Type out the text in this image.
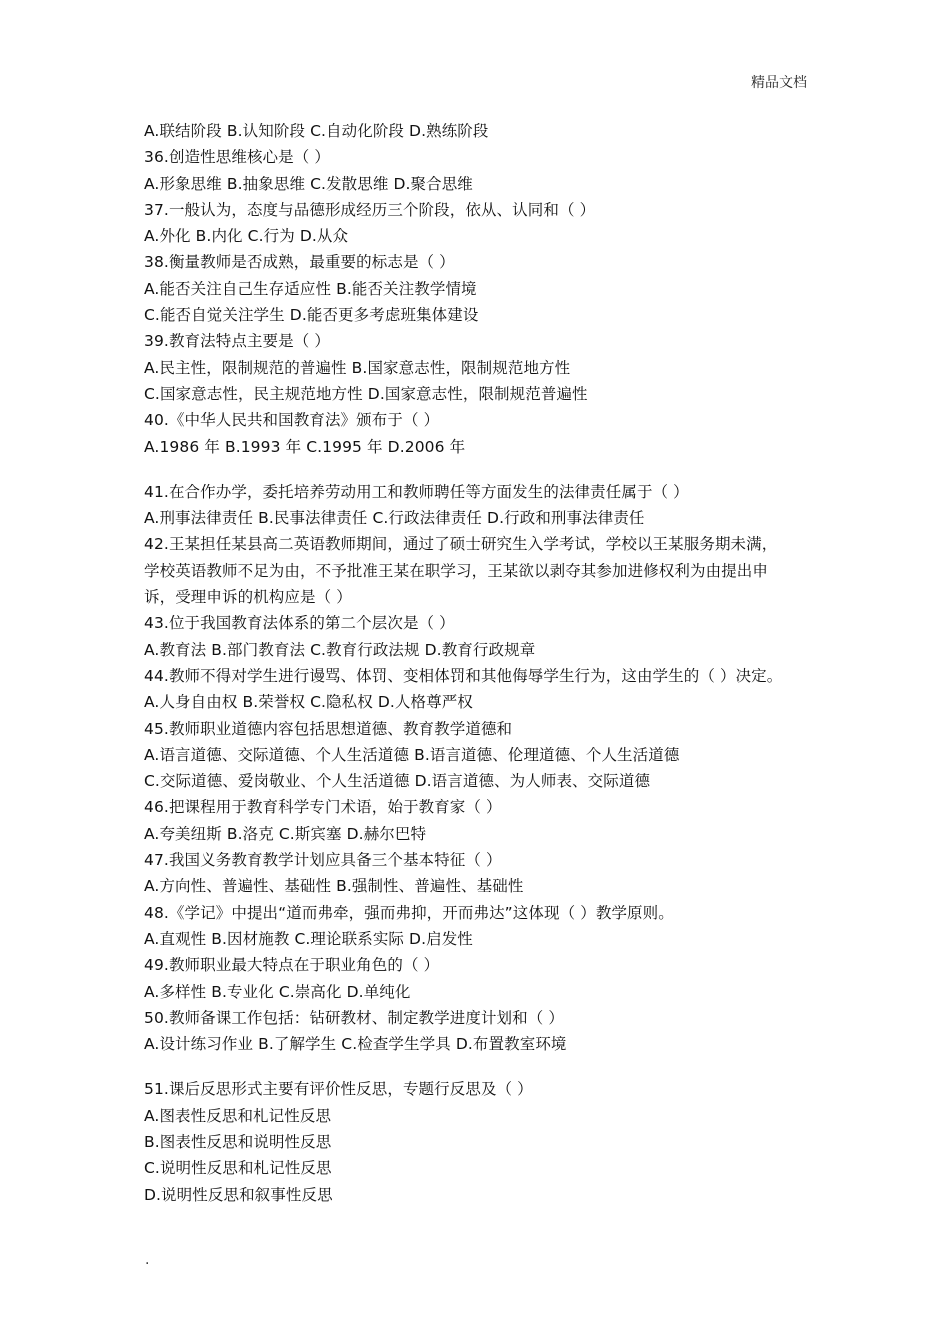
精品文档
A.联结阶段 B.认知阶段 C.自动化阶段 D.熟练阶段
36.创造性思维核心是（ ）
A.形象思维 B.抽象思维 C.发散思维 D.聚合思维
37.一般认为，态度与品德形成经历三个阶段，依从、认同和（ ）
A.外化 B.内化 C.行为 D.从众
38.衡量教师是否成熟，最重要的标志是（ ）
A.能否关注自己生存适应性 B.能否关注教学情境
C.能否自觉关注学生 D.能否更多考虑班集体建设
39.教育法特点主要是（ ）
A.民主性，限制规范的普遍性 B.国家意志性，限制规范地方性
C.国家意志性，民主规范地方性 D.国家意志性，限制规范普遍性
40.《中华人民共和国教育法》颁布于（ ）
A.1986 年 B.1993 年 C.1995 年 D.2006 年
41.在合作办学，委托培养劳动用工和教师聘任等方面发生的法律责任属于（ ）
A.刑事法律责任 B.民事法律责任 C.行政法律责任 D.行政和刑事法律责任
42.王某担任某县高二英语教师期间，通过了硕士研究生入学考试，学校以王某服务期未满，
学校英语教师不足为由，不予批准王某在职学习，王某欲以剥夺其参加进修权利为由提出申
诉，受理申诉的机构应是（ ）
43.位于我国教育法体系的第二个层次是（ ）
A.教育法 B.部门教育法 C.教育行政法规 D.教育行政规章
44.教师不得对学生进行谩骂、体罚、变相体罚和其他侮辱学生行为，这由学生的（ ）决定。
A.人身自由权 B.荣誉权 C.隐私权 D.人格尊严权
45.教师职业道德内容包括思想道德、教育教学道德和
A.语言道德、交际道德、个人生活道德 B.语言道德、伦理道德、个人生活道德
C.交际道德、爱岗敬业、个人生活道德 D.语言道德、为人师表、交际道德
46.把课程用于教育科学专门术语，始于教育家（ ）
A.夸美纽斯 B.洛克 C.斯宾塞 D.赫尔巴特
47.我国义务教育教学计划应具备三个基本特征（ ）
A.方向性、普遍性、基础性 B.强制性、普遍性、基础性
48.《学记》中提出“道而弗牵，强而弗抑，开而弗达”这体现（ ）教学原则。
A.直观性 B.因材施教 C.理论联系实际 D.启发性
49.教师职业最大特点在于职业角色的（ ）
A.多样性 B.专业化 C.崇高化 D.单纯化
50.教师备课工作包括：钻研教材、制定教学进度计划和（ ）
A.设计练习作业 B.了解学生 C.检查学生学具 D.布置教室环境
51.课后反思形式主要有评价性反思，专题行反思及（ ）
A.图表性反思和札记性反思
B.图表性反思和说明性反思
C.说明性反思和札记性反思
D.说明性反思和叙事性反思
.
